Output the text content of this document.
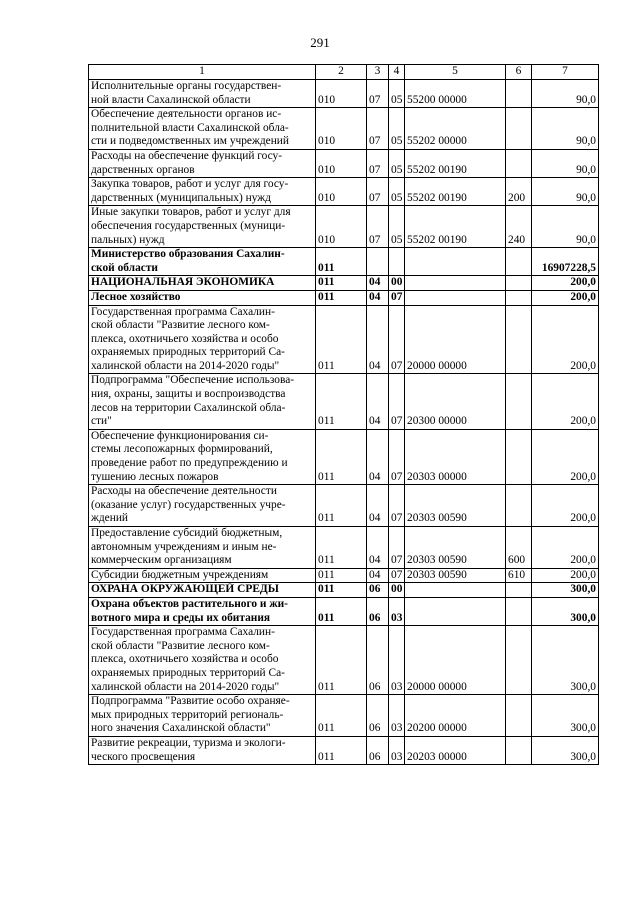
291
1	2	3	4	5	6	7
Исполнительные органы государствен-
ной власти Сахалинской области	010	07	05	55200 00000		90,0
Обеспечение деятельности органов ис-
полнительной власти Сахалинской обла-
сти и подведомственных им учреждений	010	07	05	55202 00000		90,0
Расходы на обеспечение функций госу-
дарственных органов	010	07	05	55202 00190		90,0
Закупка товаров, работ и услуг для госу-
дарственных (муниципальных) нужд	010	07	05	55202 00190	200	90,0
Иные закупки товаров, работ и услуг для
обеспечения государственных (муници-
пальных) нужд	010	07	05	55202 00190	240	90,0
Министерство образования Сахалин-
ской области	011					16907228,5
НАЦИОНАЛЬНАЯ ЭКОНОМИКА	011	04	00			200,0
Лесное хозяйство	011	04	07			200,0
Государственная программа Сахалин-
ской области "Развитие лесного ком-
плекса, охотничьего хозяйства и особо
охраняемых природных территорий Са-
халинской области на 2014-2020 годы"	011	04	07	20000 00000		200,0
Подпрограмма "Обеспечение использова-
ния, охраны, защиты и воспроизводства
лесов на территории Сахалинской обла-
сти"	011	04	07	20300 00000		200,0
Обеспечение функционирования си-
стемы лесопожарных формирований,
проведение работ по предупреждению и
тушению лесных пожаров	011	04	07	20303 00000		200,0
Расходы на обеспечение деятельности
(оказание услуг) государственных учре-
ждений	011	04	07	20303 00590		200,0
Предоставление субсидий бюджетным,
автономным учреждениям и иным не-
коммерческим организациям	011	04	07	20303 00590	600	200,0
Субсидии бюджетным учреждениям	011	04	07	20303 00590	610	200,0
ОХРАНА ОКРУЖАЮЩЕЙ СРЕДЫ	011	06	00			300,0
Охрана объектов растительного и жи-
вотного мира и среды их обитания	011	06	03			300,0
Государственная программа Сахалин-
ской области "Развитие лесного ком-
плекса, охотничьего хозяйства и особо
охраняемых природных территорий Са-
халинской области на 2014-2020 годы"	011	06	03	20000 00000		300,0
Подпрограмма "Развитие особо охраняе-
мых природных территорий региональ-
ного значения Сахалинской области"	011	06	03	20200 00000		300,0
Развитие рекреации, туризма и экологи-
ческого просвещения	011	06	03	20203 00000		300,0
